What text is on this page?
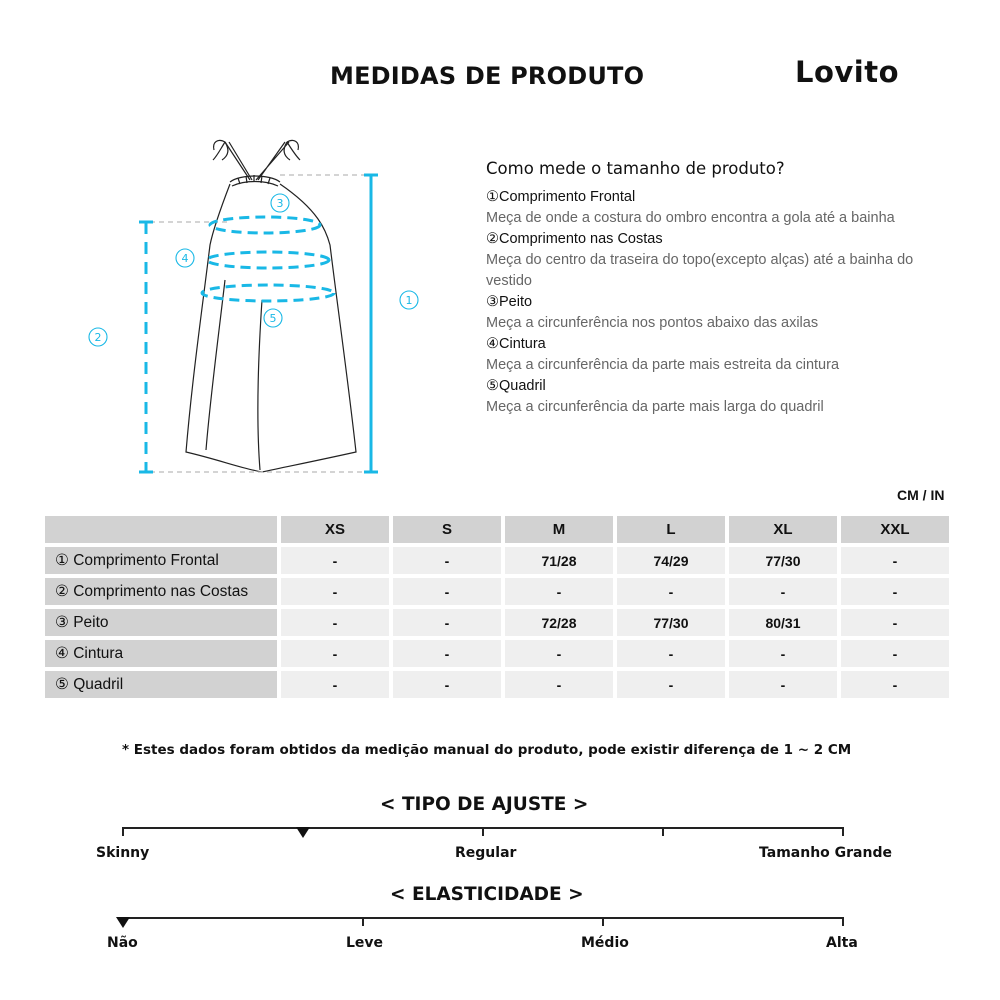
MEDIDAS DE PRODUTO	Lovito
1
2
3
4
5
Como mede o tamanho de produto?
①Comprimento Frontal
Meça de onde a costura do ombro encontra a gola até a bainha
②Comprimento nas Costas
Meça do centro da traseira do topo(excepto alças) até a bainha do vestido
③Peito
Meça a circunferência nos pontos abaixo das axilas
④Cintura
Meça a circunferência da parte mais estreita da cintura
⑤Quadril
Meça a circunferência da parte mais larga do quadril
CM / IN
	XS	S	M	L	XL	XXL
① Comprimento Frontal	-	-	71/28	74/29	77/30	-
② Comprimento nas Costas	-	-	-	-	-	-
③ Peito	-	-	72/28	77/30	80/31	-
④ Cintura	-	-	-	-	-	-
⑤ Quadril	-	-	-	-	-	-
* Estes dados foram obtidos da medição manual do produto, pode existir diferença de 1 ~ 2 CM
< TIPO DE AJUSTE >
Skinny	Regular	Tamanho Grande
< ELASTICIDADE >
Não	Leve	Médio	Alta
